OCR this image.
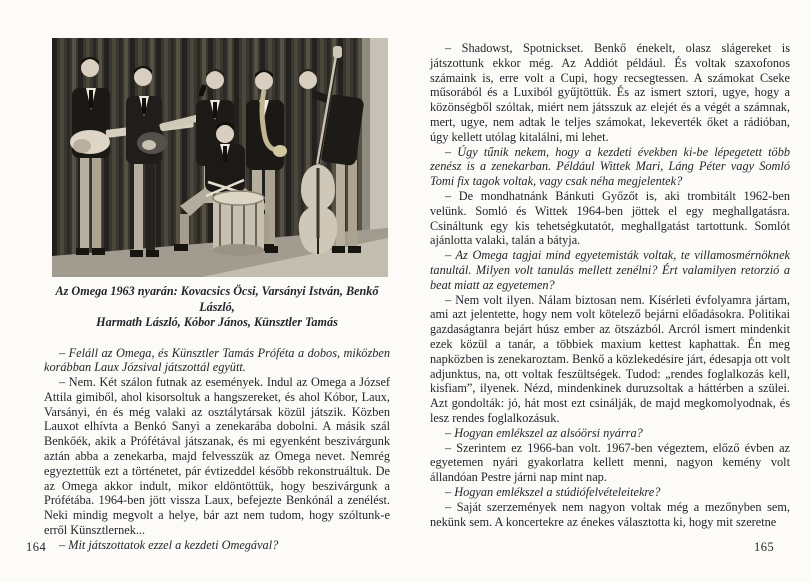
Az Omega 1963 nyarán: Kovacsics Öcsi, Varsányi István, Benkő László,
Harmath László, Kóbor János, Künsztler Tamás

– Feláll az Omega, és Künsztler Tamás Próféta a dobos, miközben korábban Laux Józsival játszottál együtt.

– Nem. Két szálon futnak az események. Indul az Omega a József Attila gimiből, ahol kisorsoltuk a hangszereket, és ahol Kóbor, Laux, Varsányi, én és még valaki az osztálytársak közül játszik. Közben Lauxot elhívta a Benkó Sanyi a zenekarába dobolni. A másik szál Benkőék, akik a Prófétával játszanak, és mi egyenként beszivárgunk aztán abba a zenekarba, majd felvesszük az Omega nevet. Nemrég egyeztettük ezt a történetet, pár évtizeddel később rekonstruáltuk. De az Omega akkor indult, mikor eldöntöttük, hogy beszivárgunk a Prófétába. 1964-ben jött vissza Laux, befejezte Benkónál a zenélést. Neki mindig megvolt a helye, bár azt nem tudom, hogy szóltunk-e erről Künsztlernek...

– Mit játszottatok ezzel a kezdeti Omegával?

– Shadowst, Spotnickset. Benkő énekelt, olasz slágereket is játszottunk ekkor még. Az Addiót például. És voltak szaxofonos számaink is, erre volt a Cupi, hogy recsegtessen. A számokat Cseke műsorából és a Luxiból gyűjtöttük. És az ismert sztori, ugye, hogy a közönségből szóltak, miért nem játsszuk az elejét és a végét a számnak, mert, ugye, nem adtak le teljes számokat, lekeverték őket a rádióban, úgy kellett utólag kitalálni, mi lehet.

– Úgy tűnik nekem, hogy a kezdeti években ki-be lépegetett több zenész is a zenekarban. Például Wittek Mari, Láng Péter vagy Somló Tomi fix tagok voltak, vagy csak néha megjelentek?

– De mondhatnánk Bánkuti Győzőt is, aki trombitált 1962-ben velünk. Somló és Wittek 1964-ben jöttek el egy meghallgatásra. Csináltunk egy kis tehetségkutatót, meghallgatást tartottunk. Somlót ajánlotta valaki, talán a bátyja.

– Az Omega tagjai mind egyetemisták voltak, te villamosmérnöknek tanultál. Milyen volt tanulás mellett zenélni? Ért valamilyen retorzió a beat miatt az egyetemen?

– Nem volt ilyen. Nálam biztosan nem. Kísérleti évfolyamra jártam, ami azt jelentette, hogy nem volt kötelező bejárni előadásokra. Politikai gazdaságtanra bejárt húsz ember az ötszázból. Arcról ismert mindenkit ezek közül a tanár, a többiek maxium kettest kaphattak. Én meg napközben is zenekaroztam. Benkő a közlekedésire járt, édesapja ott volt adjunktus, na, ott voltak feszültségek. Tudod: „rendes foglalkozás kell, kisfiam”, ilyenek. Nézd, mindenkinek duruzsoltak a háttérben a szülei. Azt gondolták: jó, hát most ezt csinálják, de majd megkomolyodnak, és lesz rendes foglalkozásuk.

– Hogyan emlékszel az alsóörsi nyárra?

– Szerintem ez 1966-ban volt. 1967-ben végeztem, előző évben az egyetemen nyári gyakorlatra kellett menni, nagyon kemény volt állandóan Pestre járni nap mint nap.

– Hogyan emlékszel a stúdiófelvételeitekre?

– Saját szerzemények nem nagyon voltak még a mezőnyben sem, nekünk sem. A koncertekre az énekes választotta ki, hogy mit szeretne

164	165
